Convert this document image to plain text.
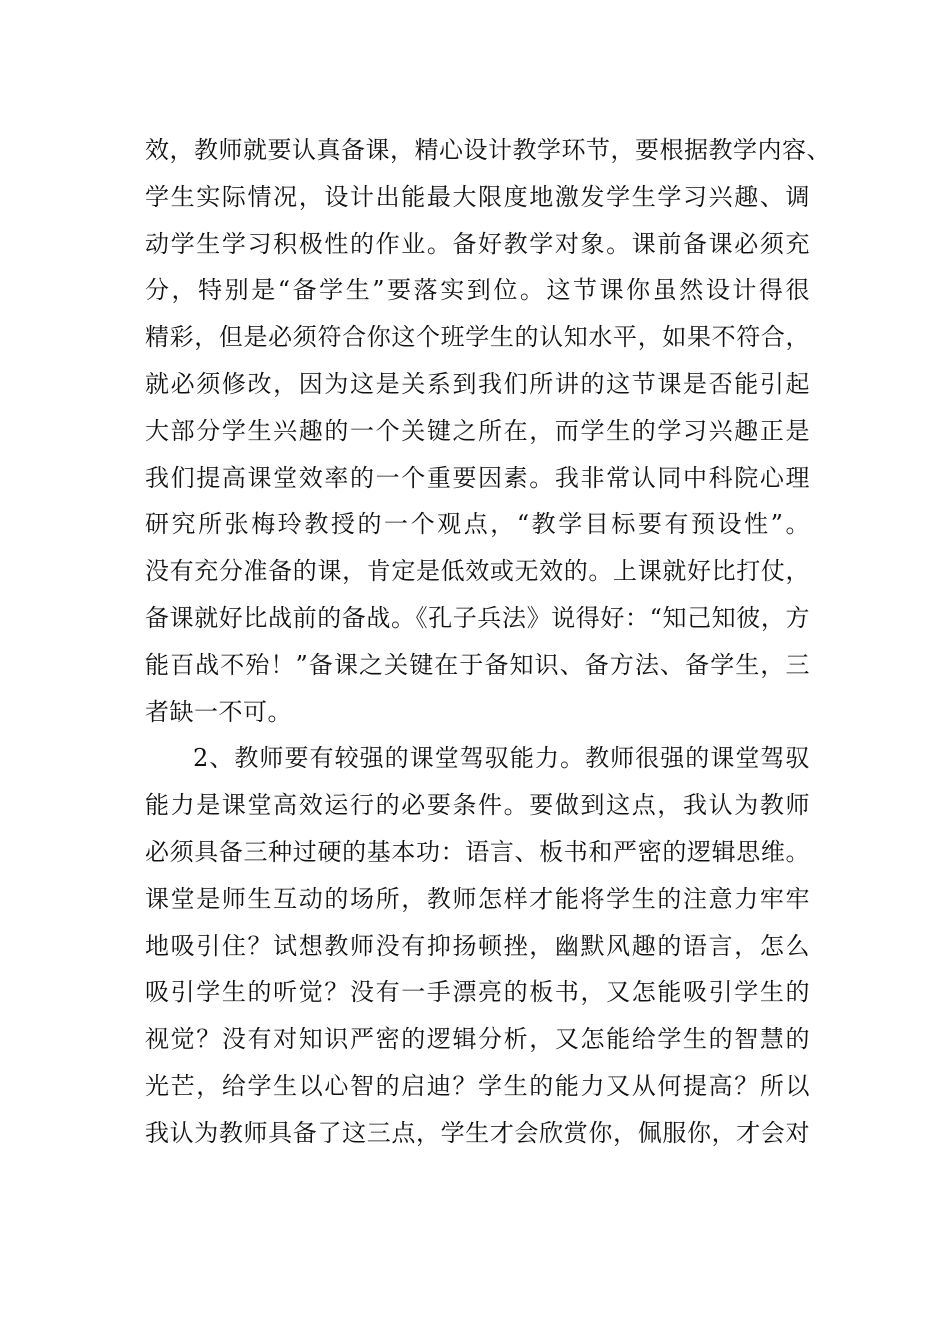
效，教师就要认真备课，精心设计教学环节，要根据教学内容、
学生实际情况，设计出能最大限度地激发学生学习兴趣、调
动学生学习积极性的作业。备好教学对象。课前备课必须充
分，特别是“备学生”要落实到位。这节课你虽然设计得很
精彩，但是必须符合你这个班学生的认知水平，如果不符合，
就必须修改，因为这是关系到我们所讲的这节课是否能引起
大部分学生兴趣的一个关键之所在，而学生的学习兴趣正是
我们提高课堂效率的一个重要因素。我非常认同中科院心理
研究所张梅玲教授的一个观点，“教学目标要有预设性”。
没有充分准备的课，肯定是低效或无效的。上课就好比打仗，
备课就好比战前的备战。《孔子兵法》说得好：“知己知彼，方
能百战不殆！”备课之关键在于备知识、备方法、备学生，三
者缺一不可。
2、教师要有较强的课堂驾驭能力。教师很强的课堂驾驭
能力是课堂高效运行的必要条件。要做到这点，我认为教师
必须具备三种过硬的基本功：语言、板书和严密的逻辑思维。
课堂是师生互动的场所，教师怎样才能将学生的注意力牢牢
地吸引住？试想教师没有抑扬顿挫，幽默风趣的语言，怎么
吸引学生的听觉？没有一手漂亮的板书，又怎能吸引学生的
视觉？没有对知识严密的逻辑分析，又怎能给学生的智慧的
光芒，给学生以心智的启迪？学生的能力又从何提高？所以
我认为教师具备了这三点，学生才会欣赏你，佩服你，才会对
